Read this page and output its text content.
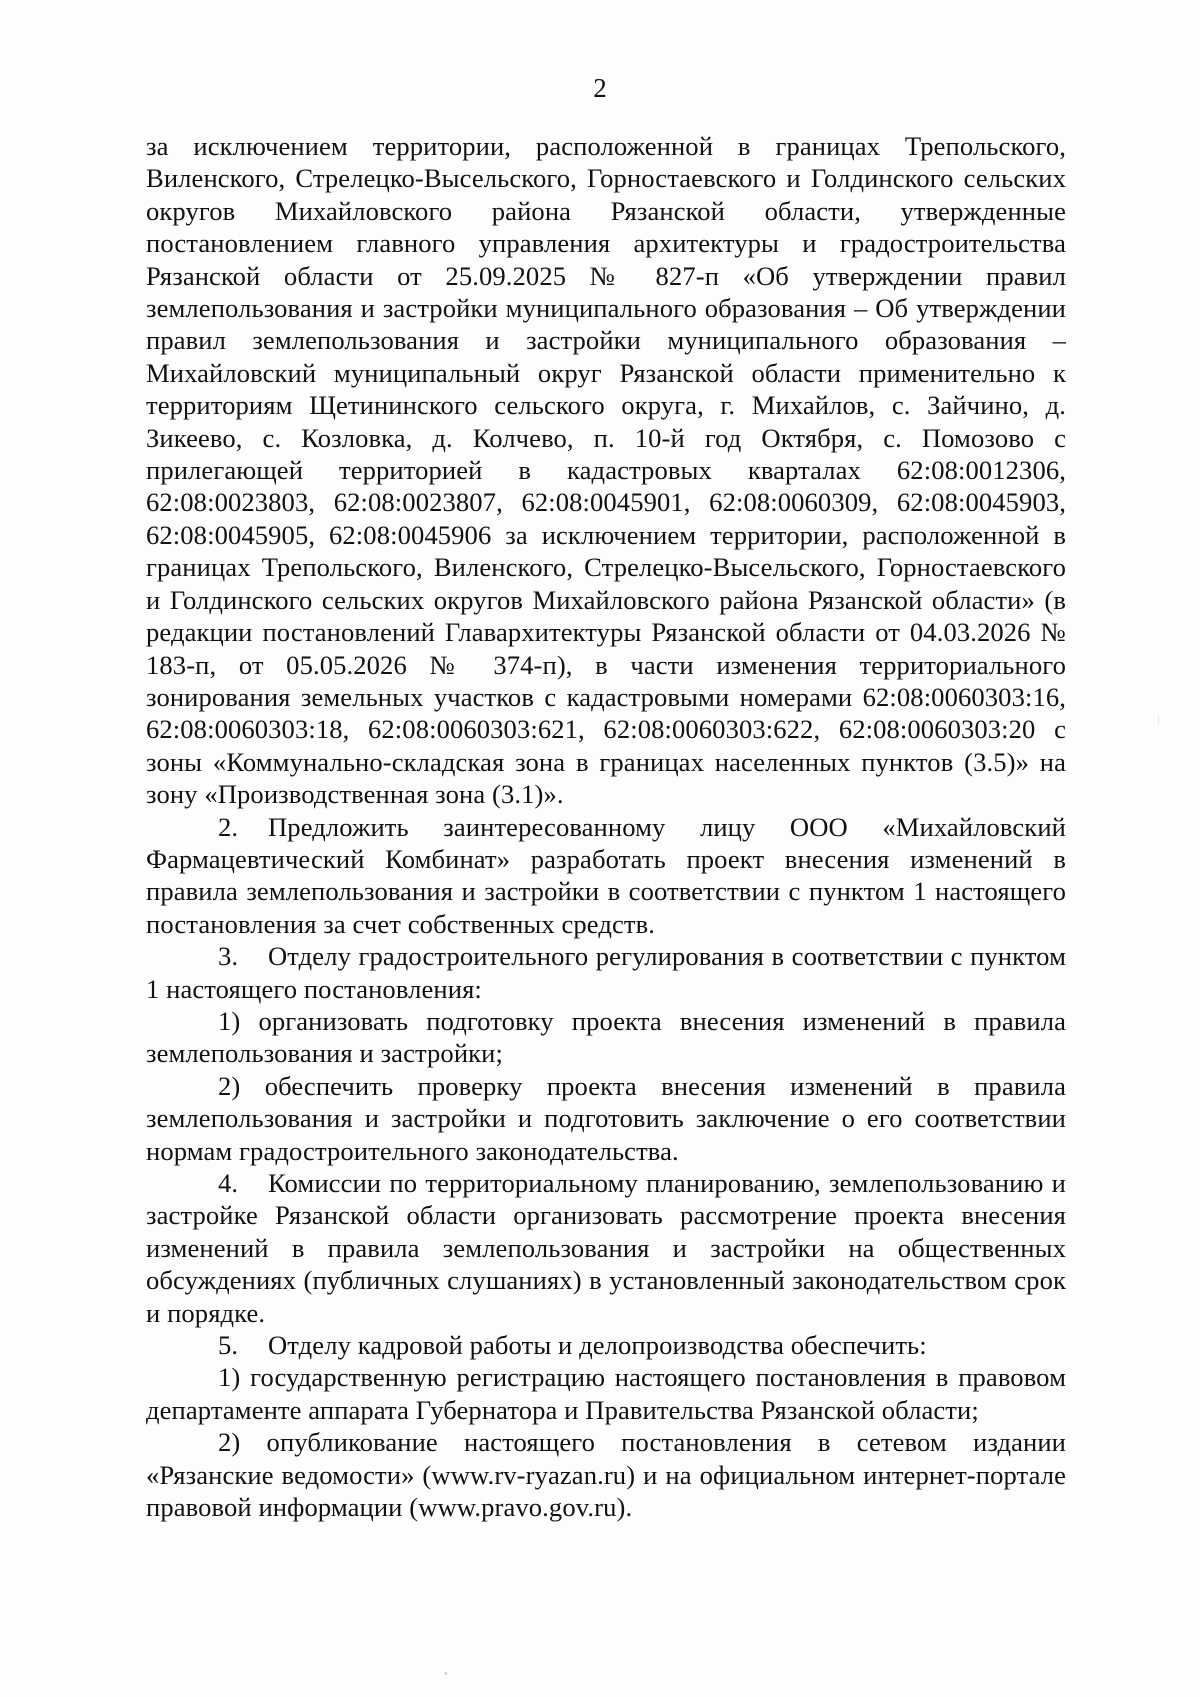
2

за исключением территории, расположенной в границах Трепольского, Виленского, Стрелецко-Высельского, Горностаевского и Голдинского сельских округов Михайловского района Рязанской области, утвержденные постановлением главного управления архитектуры и градостроительства Рязанской области от 25.09.2025 № 827-п «Об утверждении правил землепользования и застройки муниципального образования – Об утверждении правил землепользования и застройки муниципального образования – Михайловский муниципальный округ Рязанской области применительно к территориям Щетининского сельского округа, г. Михайлов, с. Зайчино, д. Зикеево, с. Козловка, д. Колчево, п. 10-й год Октября, с. Помозово с прилегающей территорией в кадастровых кварталах 62:08:0012306, 62:08:0023803, 62:08:0023807, 62:08:0045901, 62:08:0060309, 62:08:0045903, 62:08:0045905, 62:08:0045906 за исключением территории, расположенной в границах Трепольского, Виленского, Стрелецко-Высельского, Горностаевского и Голдинского сельских округов Михайловского района Рязанской области» (в редакции постановлений Главархитектуры Рязанской области от 04.03.2026 № 183-п, от 05.05.2026 № 374-п), в части изменения территориального зонирования земельных участков с кадастровыми номерами 62:08:0060303:16, 62:08:0060303:18, 62:08:0060303:621, 62:08:0060303:622, 62:08:0060303:20 с зоны «Коммунально-складская зона в границах населенных пунктов (3.5)» на зону «Производственная зона (3.1)».

2. Предложить заинтересованному лицу ООО «Михайловский Фармацевтический Комбинат» разработать проект внесения изменений в правила землепользования и застройки в соответствии с пунктом 1 настоящего постановления за счет собственных средств.

3. Отделу градостроительного регулирования в соответствии с пунктом 1 настоящего постановления:

1) организовать подготовку проекта внесения изменений в правила землепользования и застройки;

2) обеспечить проверку проекта внесения изменений в правила землепользования и застройки и подготовить заключение о его соответствии нормам градостроительного законодательства.

4. Комиссии по территориальному планированию, землепользованию и застройке Рязанской области организовать рассмотрение проекта внесения изменений в правила землепользования и застройки на общественных обсуждениях (публичных слушаниях) в установленный законодательством срок и порядке.

5. Отделу кадровой работы и делопроизводства обеспечить:

1) государственную регистрацию настоящего постановления в правовом департаменте аппарата Губернатора и Правительства Рязанской области;

2) опубликование настоящего постановления в сетевом издании «Рязанские ведомости» (www.rv-ryazan.ru) и на официальном интернет-портале правовой информации (www.pravo.gov.ru).
